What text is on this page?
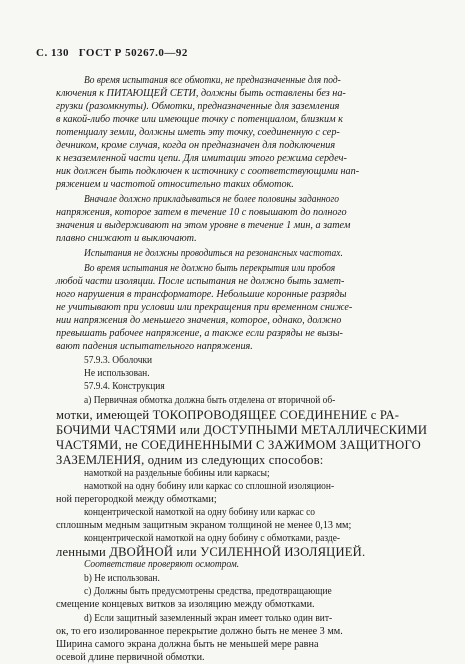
С. 130 ГОСТ Р 50267.0—92
Во время испытания все обмотки, не предназначенные для под-
ключения к ПИТАЮЩЕЙ СЕТИ, должны быть оставлены без на-
грузки (разомкнуты). Обмотки, предназначенные для заземления
в какой-либо точке или имеющие точку с потенциалом, близким к
потенциалу земли, должны иметь эту точку, соединенную с сер-
дечником, кроме случая, когда он предназначен для подключения
к незаземленной части цепи. Для имитации этого режима сердеч-
ник должен быть подключен к источнику с соответствующими нап-
ряжением и частотой относительно таких обмоток.
Вначале должно прикладываться не более половины заданного
напряжения, которое затем в течение 10 с повышают до полного
значения и выдерживают на этом уровне в течение 1 мин, а затем
плавно снижают и выключают.
Испытания не должны проводиться на резонансных частотах.
Во время испытания не должно быть перекрытия или пробоя
любой части изоляции. После испытания не должно быть замет-
ного нарушения в трансформаторе. Небольшие коронные разряды
не учитывают при условии или прекращения при временном сниже-
нии напряжения до меньшего значения, которое, однако, должно
превышать рабочее напряжение, а также если разряды не вызы-
вают падения испытательного напряжения.
57.9.3. Оболочки
Не использован.
57.9.4. Конструкция
а) Первичная обмотка должна быть отделена от вторичной об-
мотки, имеющей ТОКОПРОВОДЯЩЕЕ СОЕДИНЕНИЕ с РА-
БОЧИМИ ЧАСТЯМИ или ДОСТУПНЫМИ МЕТАЛЛИЧЕСКИМИ
ЧАСТЯМИ, не СОЕДИНЕННЫМИ С ЗАЖИМОМ ЗАЩИТНОГО
ЗАЗЕМЛЕНИЯ, одним из следующих способов:
намоткой на раздельные бобины или каркасы;
намоткой на одну бобину или каркас со сплошной изоляцион-
ной перегородкой между обмотками;
концентрической намоткой на одну бобину или каркас со
сплошным медным защитным экраном толщиной не менее 0,13 мм;
концентрической намоткой на одну бобину с обмотками, разде-
ленными ДВОЙНОЙ или УСИЛЕННОЙ ИЗОЛЯЦИЕЙ.
Соответствие проверяют осмотром.
b) Не использован.
с) Должны быть предусмотрены средства, предотвращающие
смещение концевых витков за изоляцию между обмотками.
d) Если защитный заземленный экран имеет только один вит-
ок, то его изолированное перекрытие должно быть не менее 3 мм.
Ширина самого экрана должна быть не меньшей мере равна
осевой длине первичной обмотки.
